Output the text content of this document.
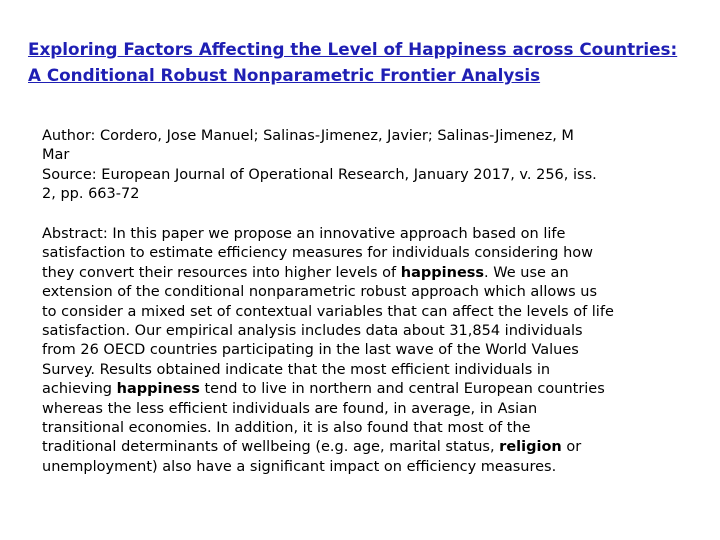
Exploring Factors Affecting the Level of Happiness across Countries:
A Conditional Robust Nonparametric Frontier Analysis
Author: Cordero, Jose Manuel; Salinas-Jimenez, Javier; Salinas-Jimenez, M
Mar
Source: European Journal of Operational Research, January 2017, v. 256, iss.
2, pp. 663-72
Abstract: In this paper we propose an innovative approach based on life
satisfaction to estimate efficiency measures for individuals considering how
they convert their resources into higher levels of happiness. We use an
extension of the conditional nonparametric robust approach which allows us
to consider a mixed set of contextual variables that can affect the levels of life
satisfaction. Our empirical analysis includes data about 31,854 individuals
from 26 OECD countries participating in the last wave of the World Values
Survey. Results obtained indicate that the most efficient individuals in
achieving happiness tend to live in northern and central European countries
whereas the less efficient individuals are found, in average, in Asian
transitional economies. In addition, it is also found that most of the
traditional determinants of wellbeing (e.g. age, marital status, religion or
unemployment) also have a significant impact on efficiency measures.
